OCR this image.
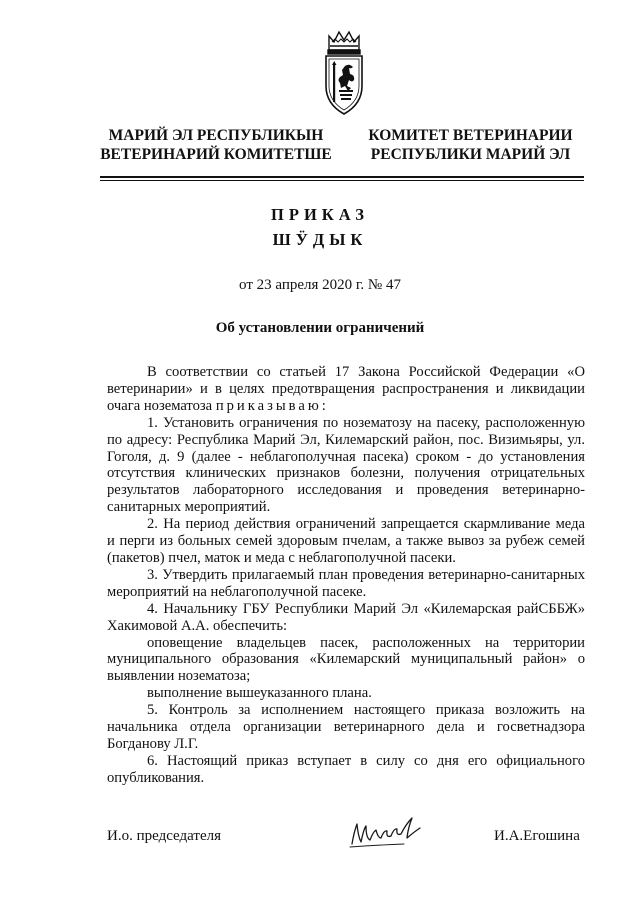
МАРИЙ ЭЛ РЕСПУБЛИКЫН
ВЕТЕРИНАРИЙ КОМИТЕТШЕ
КОМИТЕТ ВЕТЕРИНАРИИ
РЕСПУБЛИКИ МАРИЙ ЭЛ
ПРИКАЗ
ШӰДЫК
от 23 апреля 2020 г. № 47
Об установлении ограничений

В соответствии со статьей 17 Закона Российской Федерации «О ветеринарии» и в целях предотвращения распространения и ликвидации очага нозематоза приказываю:

1. Установить ограничения по нозематозу на пасеку, расположенную по адресу: Республика Марий Эл, Килемарский район, пос. Визимьяры, ул. Гоголя, д. 9 (далее - неблагополучная пасека) сроком - до установления отсутствия клинических признаков болезни, получения отрицательных результатов лабораторного исследования и проведения ветеринарно-санитарных мероприятий.

2. На период действия ограничений запрещается скармливание меда и перги из больных семей здоровым пчелам, а также вывоз за рубеж семей (пакетов) пчел, маток и меда с неблагополучной пасеки.

3. Утвердить прилагаемый план проведения ветеринарно-санитарных мероприятий на неблагополучной пасеке.

4. Начальнику ГБУ Республики Марий Эл «Килемарская райСББЖ» Хакимовой А.А. обеспечить:

оповещение владельцев пасек, расположенных на территории муниципального образования «Килемарский муниципальный район» о выявлении нозематоза;

выполнение вышеуказанного плана.

5. Контроль за исполнением настоящего приказа возложить на начальника отдела организации ветеринарного дела и госветнадзора Богданову Л.Г.

6. Настоящий приказ вступает в силу со дня его официального опубликования.

И.о. председателя	И.А.Егошина
